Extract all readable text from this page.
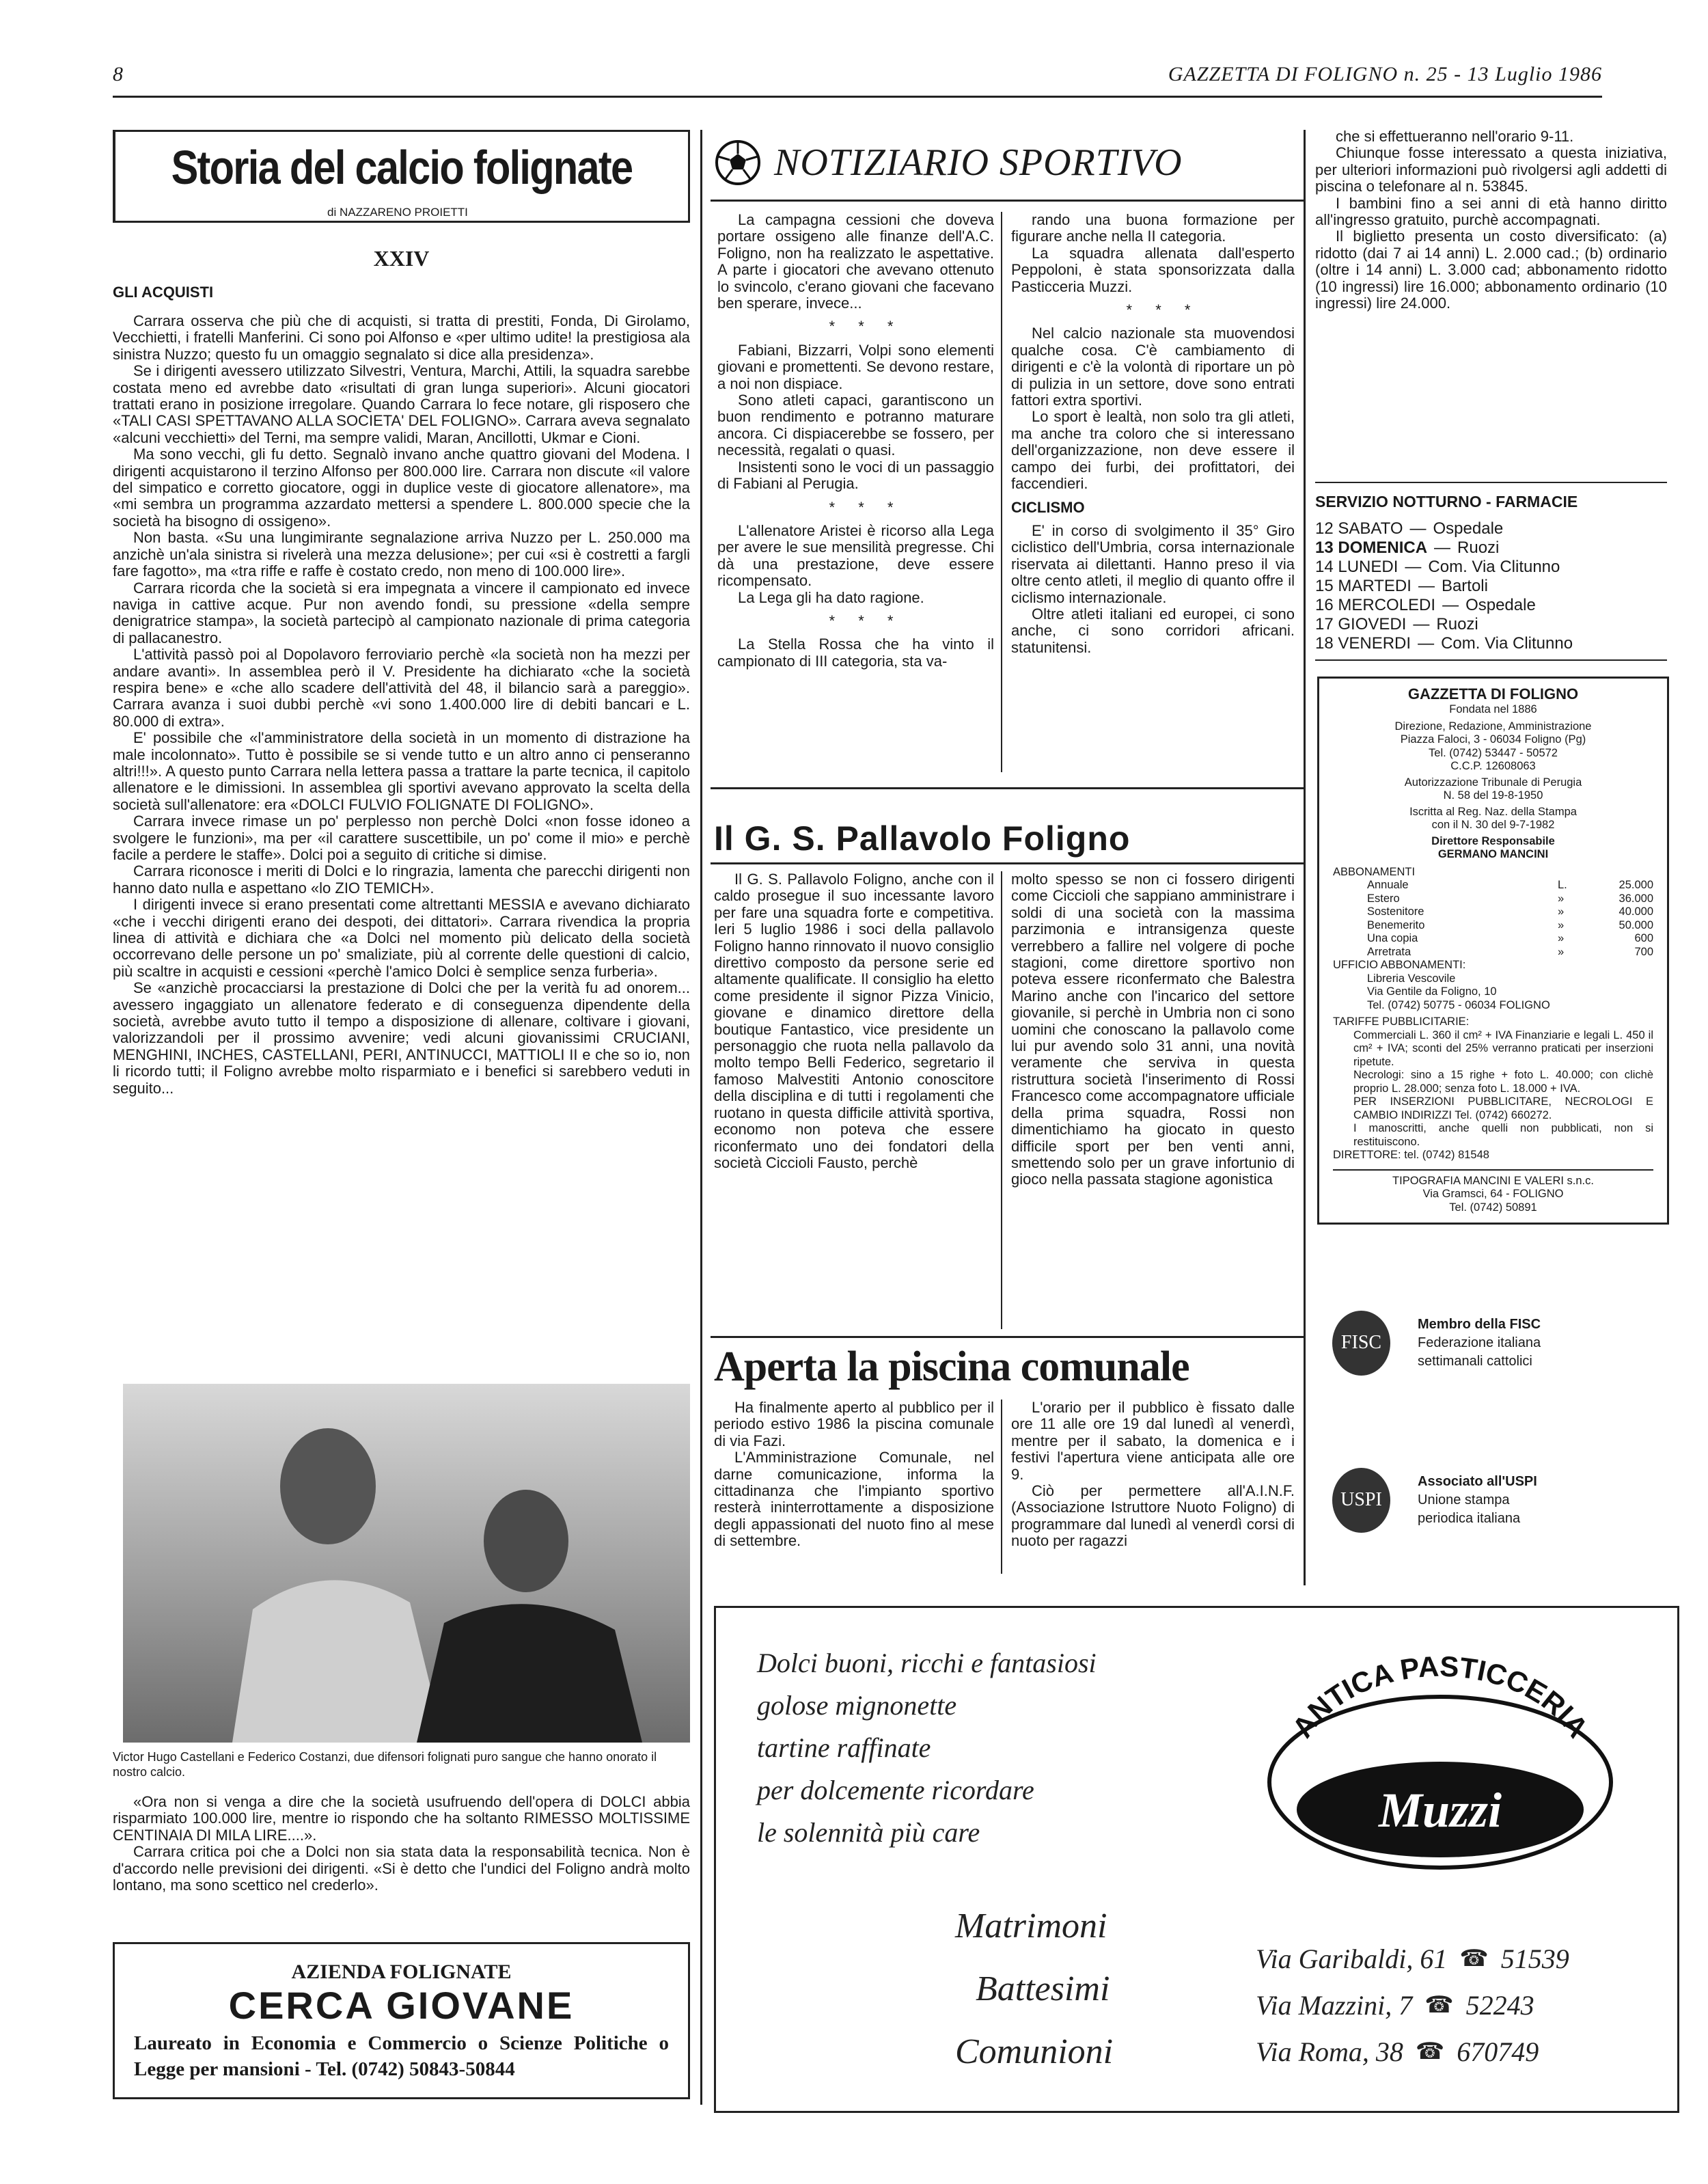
8	GAZZETTA DI FOLIGNO n. 25 - 13 Luglio 1986
Storia del calcio folignate
di NAZZARENO PROIETTI
XXIV
GLI ACQUISTI

Carrara osserva che più che di acquisti, si tratta di prestiti, Fonda, Di Girolamo, Vecchietti, i fratelli Manferini. Ci sono poi Alfonso e «per ultimo udite! la prestigiosa ala sinistra Nuzzo; questo fu un omaggio segnalato si dice alla presidenza».

Se i dirigenti avessero utilizzato Silvestri, Ventura, Marchi, Attili, la squadra sarebbe costata meno ed avrebbe dato «risultati di gran lunga superiori». Alcuni giocatori trattati erano in posizione irregolare. Quando Carrara lo fece notare, gli risposero che «TALI CASI SPETTAVANO ALLA SOCIETA' DEL FOLIGNO». Carrara aveva segnalato «alcuni vecchietti» del Terni, ma sempre validi, Maran, Ancillotti, Ukmar e Cioni.

Ma sono vecchi, gli fu detto. Segnalò invano anche quattro giovani del Modena. I dirigenti acquistarono il terzino Alfonso per 800.000 lire. Carrara non discute «il valore del simpatico e corretto giocatore, oggi in duplice veste di giocatore allenatore», ma «mi sembra un programma azzardato mettersi a spendere L. 800.000 specie che la società ha bisogno di ossigeno».

Non basta. «Su una lungimirante segnalazione arriva Nuzzo per L. 250.000 ma anzichè un'ala sinistra si rivelerà una mezza delusione»; per cui «si è costretti a fargli fare fagotto», ma «tra riffe e raffe è costato credo, non meno di 100.000 lire».

Carrara ricorda che la società si era impegnata a vincere il campionato ed invece naviga in cattive acque. Pur non avendo fondi, su pressione «della sempre denigratrice stampa», la società partecipò al campionato nazionale di prima categoria di pallacanestro.

L'attività passò poi al Dopolavoro ferroviario perchè «la società non ha mezzi per andare avanti». In assemblea però il V. Presidente ha dichiarato «che la società respira bene» e «che allo scadere dell'attività del 48, il bilancio sarà a pareggio». Carrara avanza i suoi dubbi perchè «vi sono 1.400.000 lire di debiti bancari e L. 80.000 di extra».

E' possibile che «l'amministratore della società in un momento di distrazione ha male incolonnato». Tutto è possibile se si vende tutto e un altro anno ci penseranno altri!!!». A questo punto Carrara nella lettera passa a trattare la parte tecnica, il capitolo allenatore e le dimissioni. In assemblea gli sportivi avevano approvato la scelta della società sull'allenatore: era «DOLCI FULVIO FOLIGNATE DI FOLIGNO».

Carrara invece rimase un po' perplesso non perchè Dolci «non fosse idoneo a svolgere le funzioni», ma per «il carattere suscettibile, un po' come il mio» e perchè facile a perdere le staffe». Dolci poi a seguito di critiche si dimise.

Carrara riconosce i meriti di Dolci e lo ringrazia, lamenta che parecchi dirigenti non hanno dato nulla e aspettano «lo ZIO TEMICH».

I dirigenti invece si erano presentati come altrettanti MESSIA e avevano dichiarato «che i vecchi dirigenti erano dei despoti, dei dittatori». Carrara rivendica la propria linea di attività e dichiara che «a Dolci nel momento più delicato della società occorrevano delle persone un po' smaliziate, più al corrente delle questioni di calcio, più scaltre in acquisti e cessioni «perchè l'amico Dolci è semplice senza furberia».

Se «anzichè procacciarsi la prestazione di Dolci che per la verità fu ad onorem... avessero ingaggiato un allenatore federato e di conseguenza dipendente della società, avrebbe avuto tutto il tempo a disposizione di allenare, coltivare i giovani, valorizzandoli per il prossimo avvenire; vedi alcuni giovanissimi CRUCIANI, MENGHINI, INCHES, CASTELLANI, PERI, ANTINUCCI, MATTIOLI II e che so io, non li ricordo tutti; il Foligno avrebbe molto risparmiato e i benefici si sarebbero veduti in seguito...

Victor Hugo Castellani e Federico Costanzi, due difensori folignati puro sangue che hanno onorato il nostro calcio.

«Ora non si venga a dire che la società usufruendo dell'opera di DOLCI abbia risparmiato 100.000 lire, mentre io rispondo che ha soltanto RIMESSO MOLTISSIME CENTINAIA DI MILA LIRE....».

Carrara critica poi che a Dolci non sia stata data la responsabilità tecnica. Non è d'accordo nelle previsioni dei dirigenti. «Si è detto che l'undici del Foligno andrà molto lontano, ma sono scettico nel crederlo».

AZIENDA FOLIGNATE
CERCA GIOVANE
Laureato in Economia e Commercio o Scienze Politiche o Legge per mansioni - Tel. (0742) 50843-50844
NOTIZIARIO SPORTIVO

La campagna cessioni che doveva portare ossigeno alle finanze dell'A.C. Foligno, non ha realizzato le aspettative. A parte i giocatori che avevano ottenuto lo svincolo, c'erano giovani che facevano ben sperare, invece...

* * *

Fabiani, Bizzarri, Volpi sono elementi giovani e promettenti. Se devono restare, a noi non dispiace.

Sono atleti capaci, garantiscono un buon rendimento e potranno maturare ancora. Ci dispiacerebbe se fossero, per necessità, regalati o quasi.

Insistenti sono le voci di un passaggio di Fabiani al Perugia.

* * *

L'allenatore Aristei è ricorso alla Lega per avere le sue mensilità pregresse. Chi dà una prestazione, deve essere ricompensato.

La Lega gli ha dato ragione.

* * *

La Stella Rossa che ha vinto il campionato di III categoria, sta va-

rando una buona formazione per figurare anche nella II categoria.

La squadra allenata dall'esperto Peppoloni, è stata sponsorizzata dalla Pasticceria Muzzi.

* * *

Nel calcio nazionale sta muovendosi qualche cosa. C'è cambiamento di dirigenti e c'è la volontà di riportare un pò di pulizia in un settore, dove sono entrati fattori extra sportivi.

Lo sport è lealtà, non solo tra gli atleti, ma anche tra coloro che si interessano dell'organizzazione, non deve essere il campo dei furbi, dei profittatori, dei faccendieri.

CICLISMO

E' in corso di svolgimento il 35° Giro ciclistico dell'Umbria, corsa internazionale riservata ai dilettanti. Hanno preso il via oltre cento atleti, il meglio di quanto offre il ciclismo internazionale.

Oltre atleti italiani ed europei, ci sono anche, ci sono corridori africani. statunitensi.

Il G. S. Pallavolo Foligno
Il G. S. Pallavolo Foligno, anche con il caldo prosegue il suo incessante lavoro per fare una squadra forte e competitiva. Ieri 5 luglio 1986 i soci della pallavolo Foligno hanno rinnovato il nuovo consiglio direttivo composto da persone serie ed altamente qualificate. Il consiglio ha eletto come presidente il signor Pizza Vinicio, giovane e dinamico direttore della boutique Fantastico, vice presidente un personaggio che ruota nella pallavolo da molto tempo Belli Federico, segretario il famoso Malvestiti Antonio conoscitore della disciplina e di tutti i regolamenti che ruotano in questa difficile attività sportiva, economo non poteva che essere riconfermato uno dei fondatori della società Ciccioli Fausto, perchè
molto spesso se non ci fossero dirigenti come Ciccioli che sappiano amministrare i soldi di una società con la massima parzimonia e intransigenza queste verrebbero a fallire nel volgere di poche stagioni, come direttore sportivo non poteva essere riconfermato che Balestra Marino anche con l'incarico del settore giovanile, si perchè in Umbria non ci sono uomini che conoscano la pallavolo come lui pur avendo solo 31 anni, una novità veramente che serviva in questa ristruttura società l'inserimento di Rossi Francesco come accompagnatore ufficiale della prima squadra, Rossi non dimentichiamo ha giocato in questo difficile sport per ben venti anni, smettendo solo per un grave infortunio di gioco nella passata stagione agonistica
Aperta la piscina comunale

Ha finalmente aperto al pubblico per il periodo estivo 1986 la piscina comunale di via Fazi.

L'Amministrazione Comunale, nel darne comunicazione, informa la cittadinanza che l'impianto sportivo resterà ininterrottamente a disposizione degli appassionati del nuoto fino al mese di settembre.

L'orario per il pubblico è fissato dalle ore 11 alle ore 19 dal lunedì al venerdì, mentre per il sabato, la domenica e i festivi l'apertura viene anticipata alle ore 9.

Ciò per permettere all'A.I.N.F. (Associazione Istruttore Nuoto Foligno) di programmare dal lunedì al venerdì corsi di nuoto per ragazzi

che si effettueranno nell'orario 9-11.

Chiunque fosse interessato a questa iniziativa, per ulteriori informazioni può rivolgersi agli addetti di piscina o telefonare al n. 53845.

I bambini fino a sei anni di età hanno diritto all'ingresso gratuito, purchè accompagnati.

Il biglietto presenta un costo diversificato: (a) ridotto (dai 7 ai 14 anni) L. 2.000 cad.; (b) ordinario (oltre i 14 anni) L. 3.000 cad; abbonamento ridotto (10 ingressi) lire 16.000; abbonamento ordinario (10 ingressi) lire 24.000.

SERVIZIO NOTTURNO - FARMACIE
12 SABATO — Ospedale
13 DOMENICA — Ruozi
14 LUNEDI — Com. Via Clitunno
15 MARTEDI — Bartoli
16 MERCOLEDI — Ospedale
17 GIOVEDI — Ruozi
18 VENERDI — Com. Via Clitunno
GAZZETTA DI FOLIGNO
Fondata nel 1886
Direzione, Redazione, Amministrazione
Piazza Faloci, 3 - 06034 Foligno (Pg)
Tel. (0742) 53447 - 50572
C.C.P. 12608063
Autorizzazione Tribunale di Perugia
N. 58 del 19-8-1950
Iscritta al Reg. Naz. della Stampa
con il N. 30 del 9-7-1982
Direttore Responsabile
GERMANO MANCINI
ABBONAMENTI
Annuale	L.	25.000
Estero	»	36.000
Sostenitore	»	40.000
Benemerito	»	50.000
Una copia	»	600
Arretrata	»	700
UFFICIO ABBONAMENTI:
Libreria Vescovile
Via Gentile da Foligno, 10
Tel. (0742) 50775 - 06034 FOLIGNO
TARIFFE PUBBLICITARIE:
Commerciali L. 360 il cm² + IVA Finanziarie e legali L. 450 il cm² + IVA; sconti del 25% verranno praticati per inserzioni ripetute.
Necrologi: sino a 15 righe + foto L. 40.000; con clichè proprio L. 28.000; senza foto L. 18.000 + IVA.
PER INSERZIONI PUBBLICITARE, NECROLOGI E CAMBIO INDIRIZZI Tel. (0742) 660272.
I manoscritti, anche quelli non pubblicati, non si restituiscono.
DIRETTORE: tel. (0742) 81548
TIPOGRAFIA MANCINI E VALERI s.n.c.
Via Gramsci, 64 - FOLIGNO
Tel. (0742) 50891
FISC
Membro della FISC
Federazione italiana
settimanali cattolici
USPI
Associato all'USPI
Unione stampa
periodica italiana
Dolci buoni, ricchi e fantasiosi
golose mignonette
tartine raffinate
per dolcemente ricordare
le solennità più care
ANTICA PASTICCERIA
Muzzi
Matrimoni
Battesimi
Comunioni
Via Garibaldi, 61 ☎ 51539
Via Mazzini, 7 ☎ 52243
Via Roma, 38 ☎ 670749
